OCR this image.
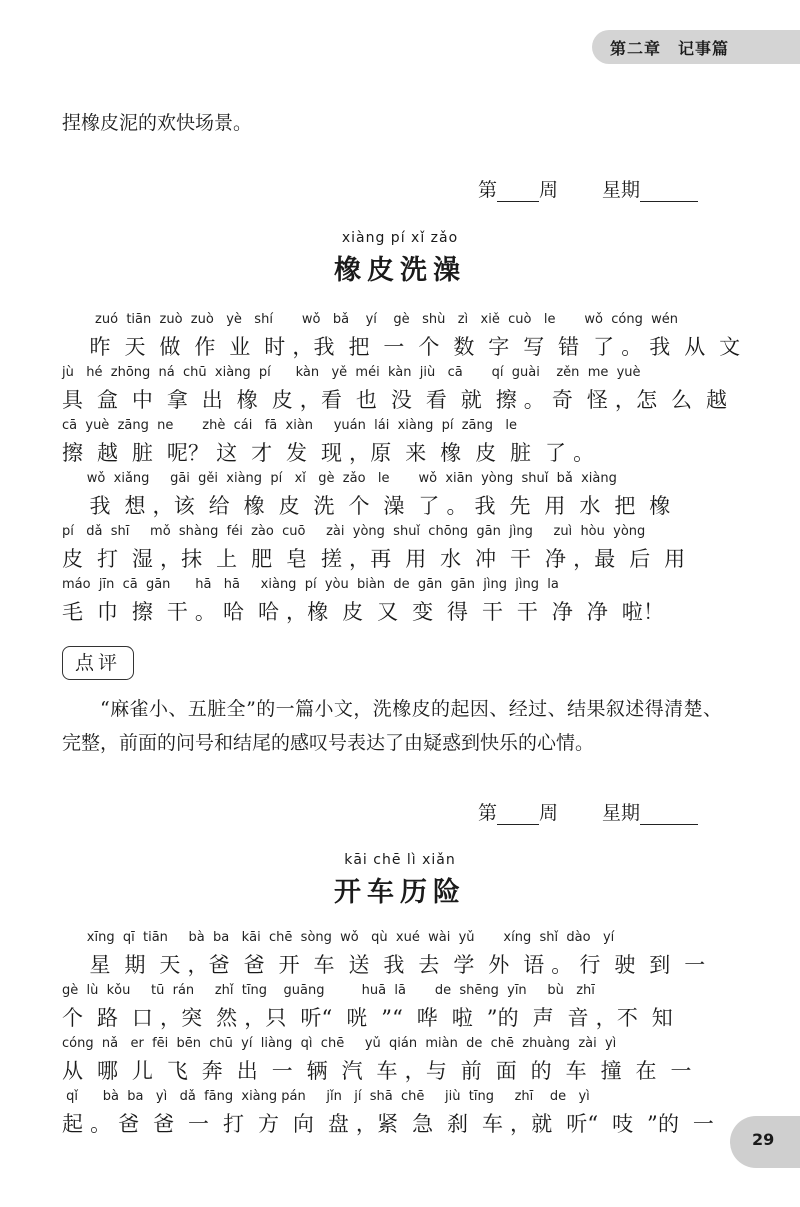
第二章　记事篇
捏橡皮泥的欢快场景。
第 周 星期
xiàng pí xǐ zǎo
橡皮洗澡
zuó  tiān  zuò  zuò   yè   shí       wǒ   bǎ    yí    gè   shù   zì   xiě  cuò   le       wǒ  cóng  wén
昨  天  做  作  业  时 ，我  把  一  个  数  字  写  错  了 。 我  从  文
jù   hé  zhōng  ná  chū  xiàng  pí      kàn   yě  méi  kàn  jiù   cā       qí  guài    zěn  me  yuè
具  盒  中  拿  出  橡  皮 ，看  也  没  看  就  擦 。 奇  怪 ，怎  么  越
cā  yuè  zāng  ne       zhè  cái   fā  xiàn     yuán  lái  xiàng  pí  zāng   le
擦  越  脏  呢？ 这  才  发  现 ，原  来  橡  皮  脏  了 。
wǒ  xiǎng     gāi  gěi  xiàng  pí   xǐ   gè  zǎo   le       wǒ  xiān  yòng  shuǐ  bǎ  xiàng
我  想 ，该  给  橡  皮  洗  个  澡  了 。 我  先  用  水  把  橡
pí   dǎ  shī     mǒ  shàng  féi  zào  cuō     zài  yòng  shuǐ  chōng  gān  jìng     zuì  hòu  yòng
皮  打  湿 ，抹  上  肥  皂  搓 ，再  用  水  冲  干  净 ，最  后  用
máo  jīn  cā  gān      hā   hā     xiàng  pí  yòu  biàn  de  gān  gān  jìng  jìng  la
毛  巾  擦  干 。 哈  哈 ，橡  皮  又  变  得  干  干  净  净  啦！
点评
“麻雀小、五脏全”的一篇小文，洗橡皮的起因、经过、结果叙述得清楚、完整，前面的问号和结尾的感叹号表达了由疑惑到快乐的心情。
第 周 星期
kāi chē lì xiǎn
开车历险
xīng  qī  tiān     bà  ba   kāi  chē  sòng  wǒ   qù  xué  wài  yǔ       xíng  shǐ  dào   yí
星  期  天 ，爸  爸  开  车  送  我  去  学  外  语 。 行  驶  到  一
gè  lù  kǒu     tū  rán     zhǐ  tīng    guāng         huā  lā       de  shēng  yīn     bù   zhī
个  路  口 ，突  然 ，只  听“  咣  ”“  哗  啦  ”的  声  音 ，不  知
cóng  nǎ   er  fēi  bēn  chū  yí  liàng  qì  chē     yǔ  qián  miàn  de  chē  zhuàng  zài  yì
从  哪  儿  飞  奔  出  一  辆  汽  车 ，与  前  面  的  车  撞  在  一
qǐ      bà  ba   yì   dǎ  fāng  xiàng pán     jǐn   jí  shā  chē     jiù  tīng     zhī    de   yì
起 。 爸  爸  一  打  方  向  盘 ，紧  急  刹  车 ，就  听“  吱  ”的  一
29
